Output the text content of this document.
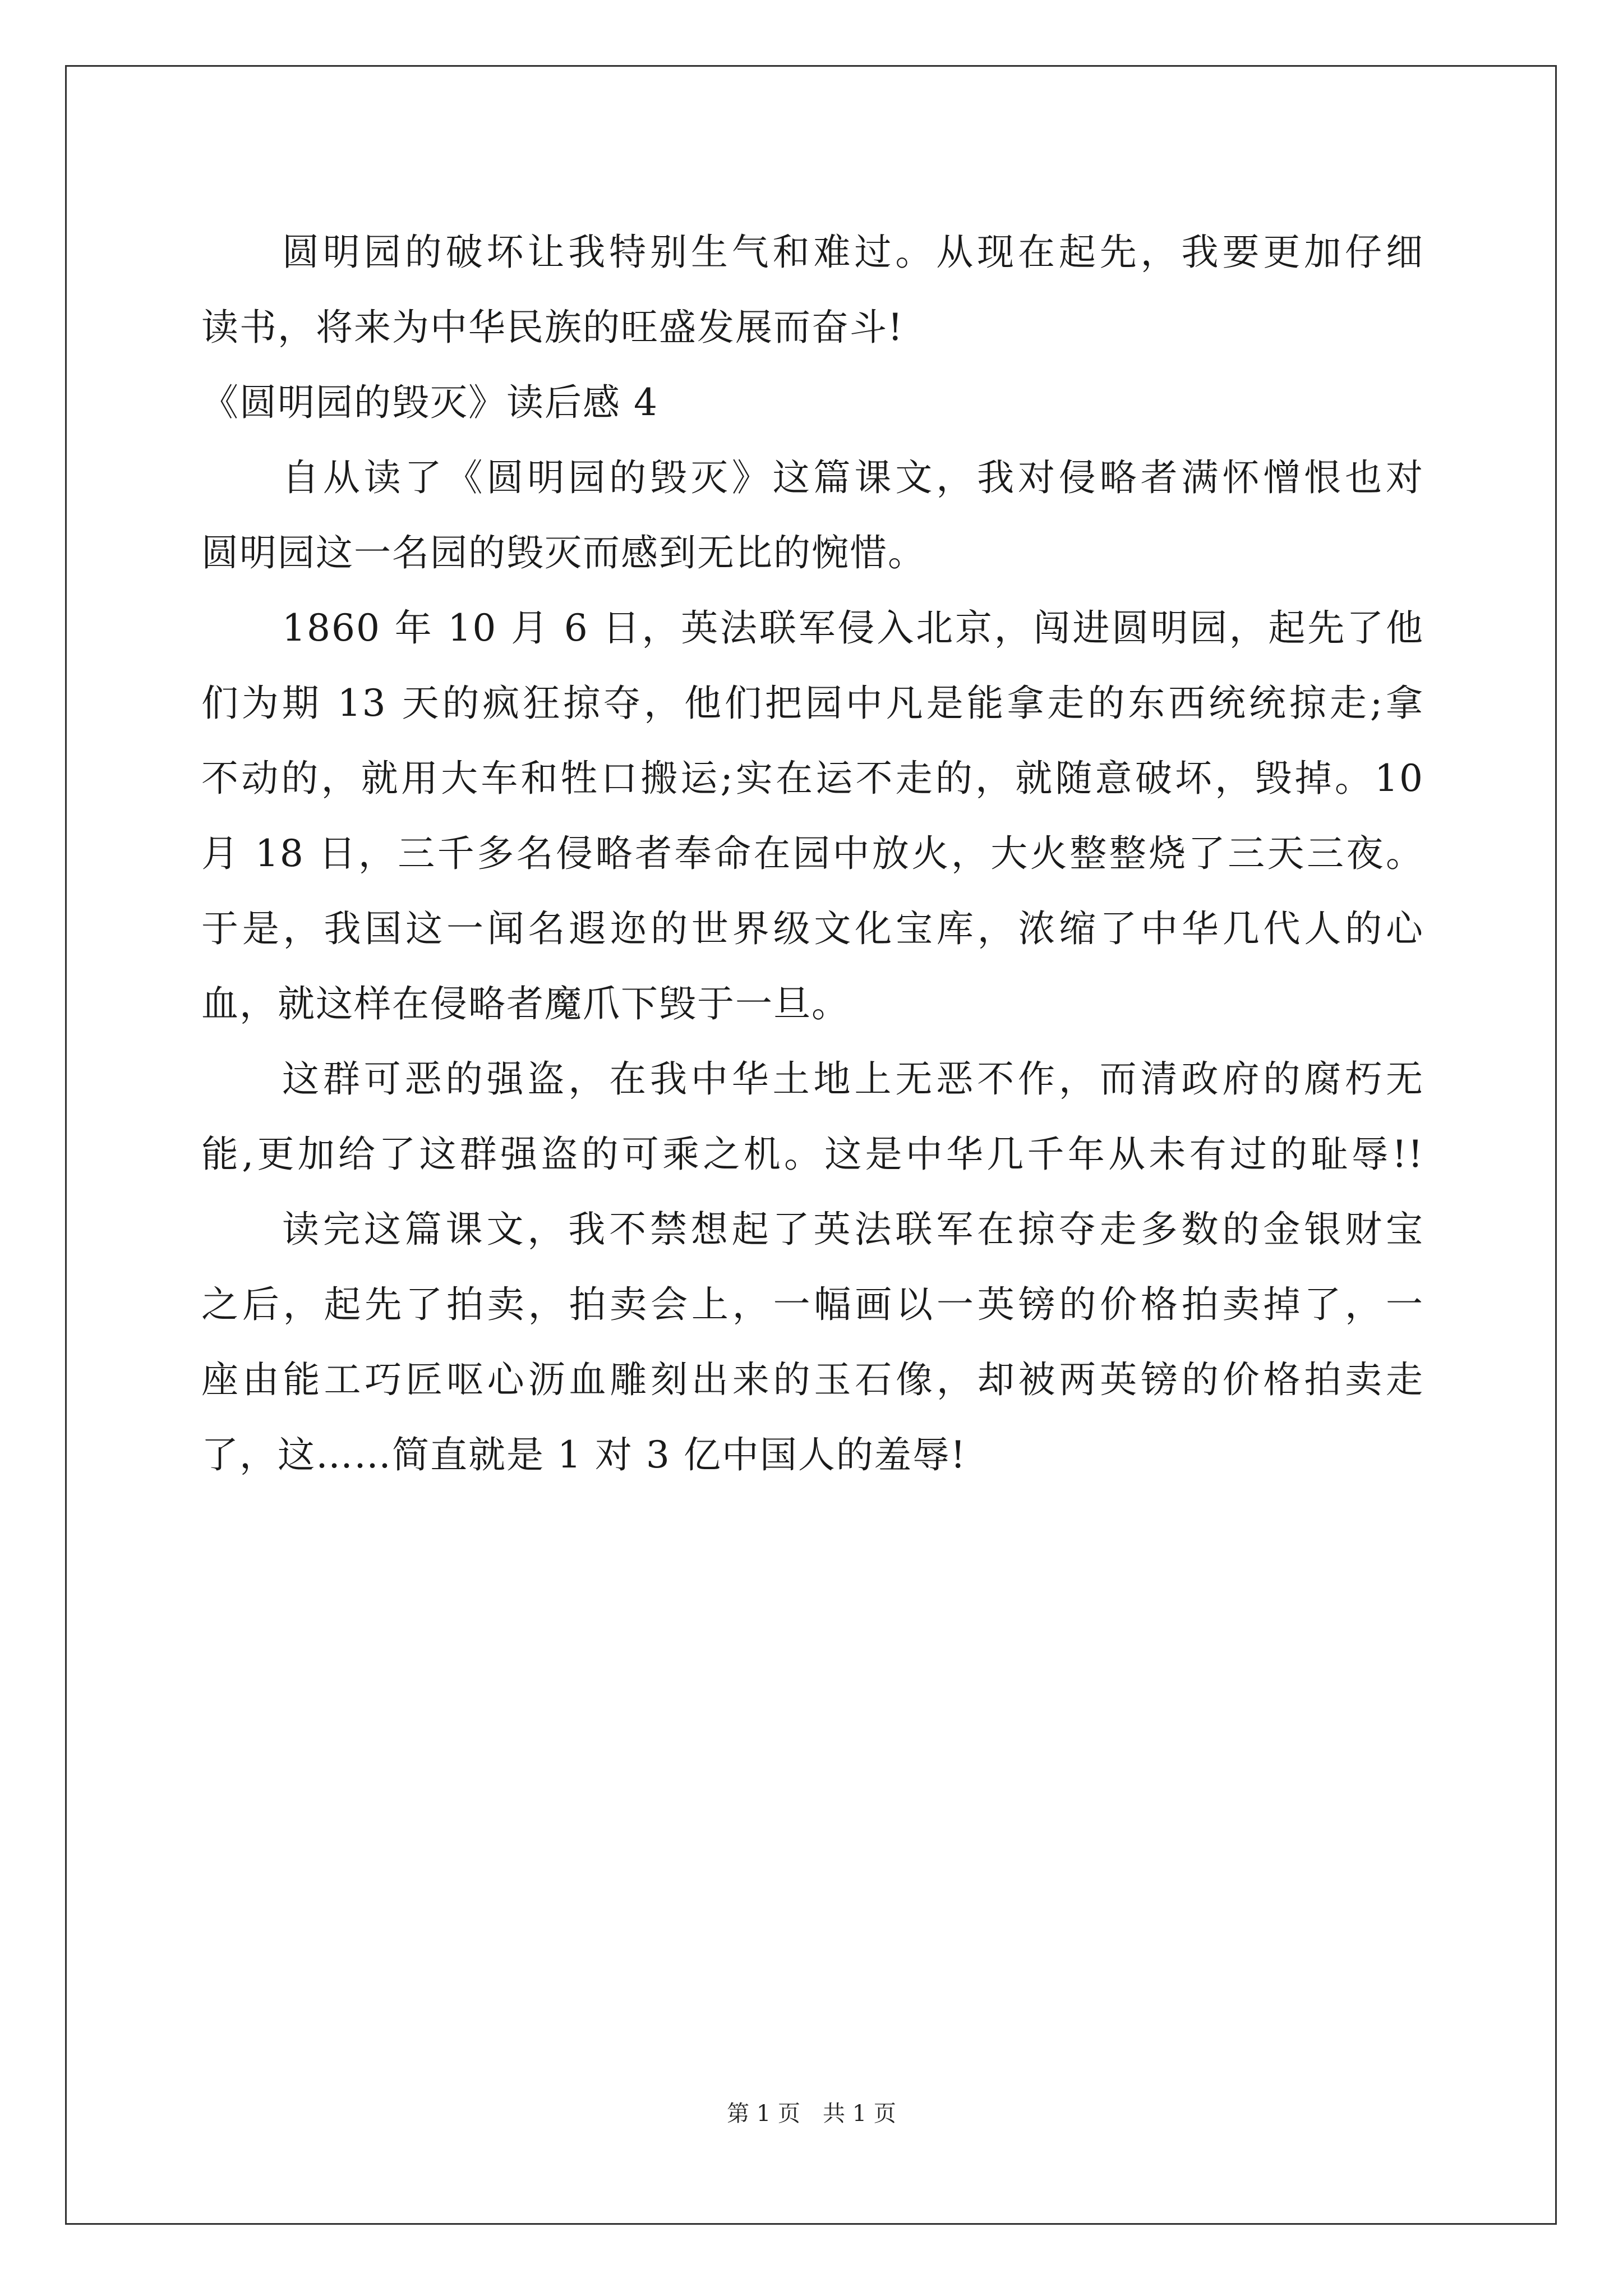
圆明园的破坏让我特别生气和难过。从现在起先，我要更加仔细
读书，将来为中华民族的旺盛发展而奋斗!
《圆明园的毁灭》读后感 4
自从读了《圆明园的毁灭》这篇课文，我对侵略者满怀憎恨也对
圆明园这一名园的毁灭而感到无比的惋惜。
1860 年 10 月 6 日，英法联军侵入北京，闯进圆明园，起先了他
们为期 13 天的疯狂掠夺，他们把园中凡是能拿走的东西统统掠走;拿
不动的，就用大车和牲口搬运;实在运不走的，就随意破坏，毁掉。10
月 18 日，三千多名侵略者奉命在园中放火，大火整整烧了三天三夜。
于是，我国这一闻名遐迩的世界级文化宝库，浓缩了中华几代人的心
血，就这样在侵略者魔爪下毁于一旦。
这群可恶的强盗，在我中华土地上无恶不作，而清政府的腐朽无
能,更加给了这群强盗的可乘之机。这是中华几千年从未有过的耻辱!!
读完这篇课文，我不禁想起了英法联军在掠夺走多数的金银财宝
之后，起先了拍卖，拍卖会上，一幅画以一英镑的价格拍卖掉了，一
座由能工巧匠呕心沥血雕刻出来的玉石像，却被两英镑的价格拍卖走
了，这……简直就是 1 对 3 亿中国人的羞辱!
第 1 页　共 1 页
